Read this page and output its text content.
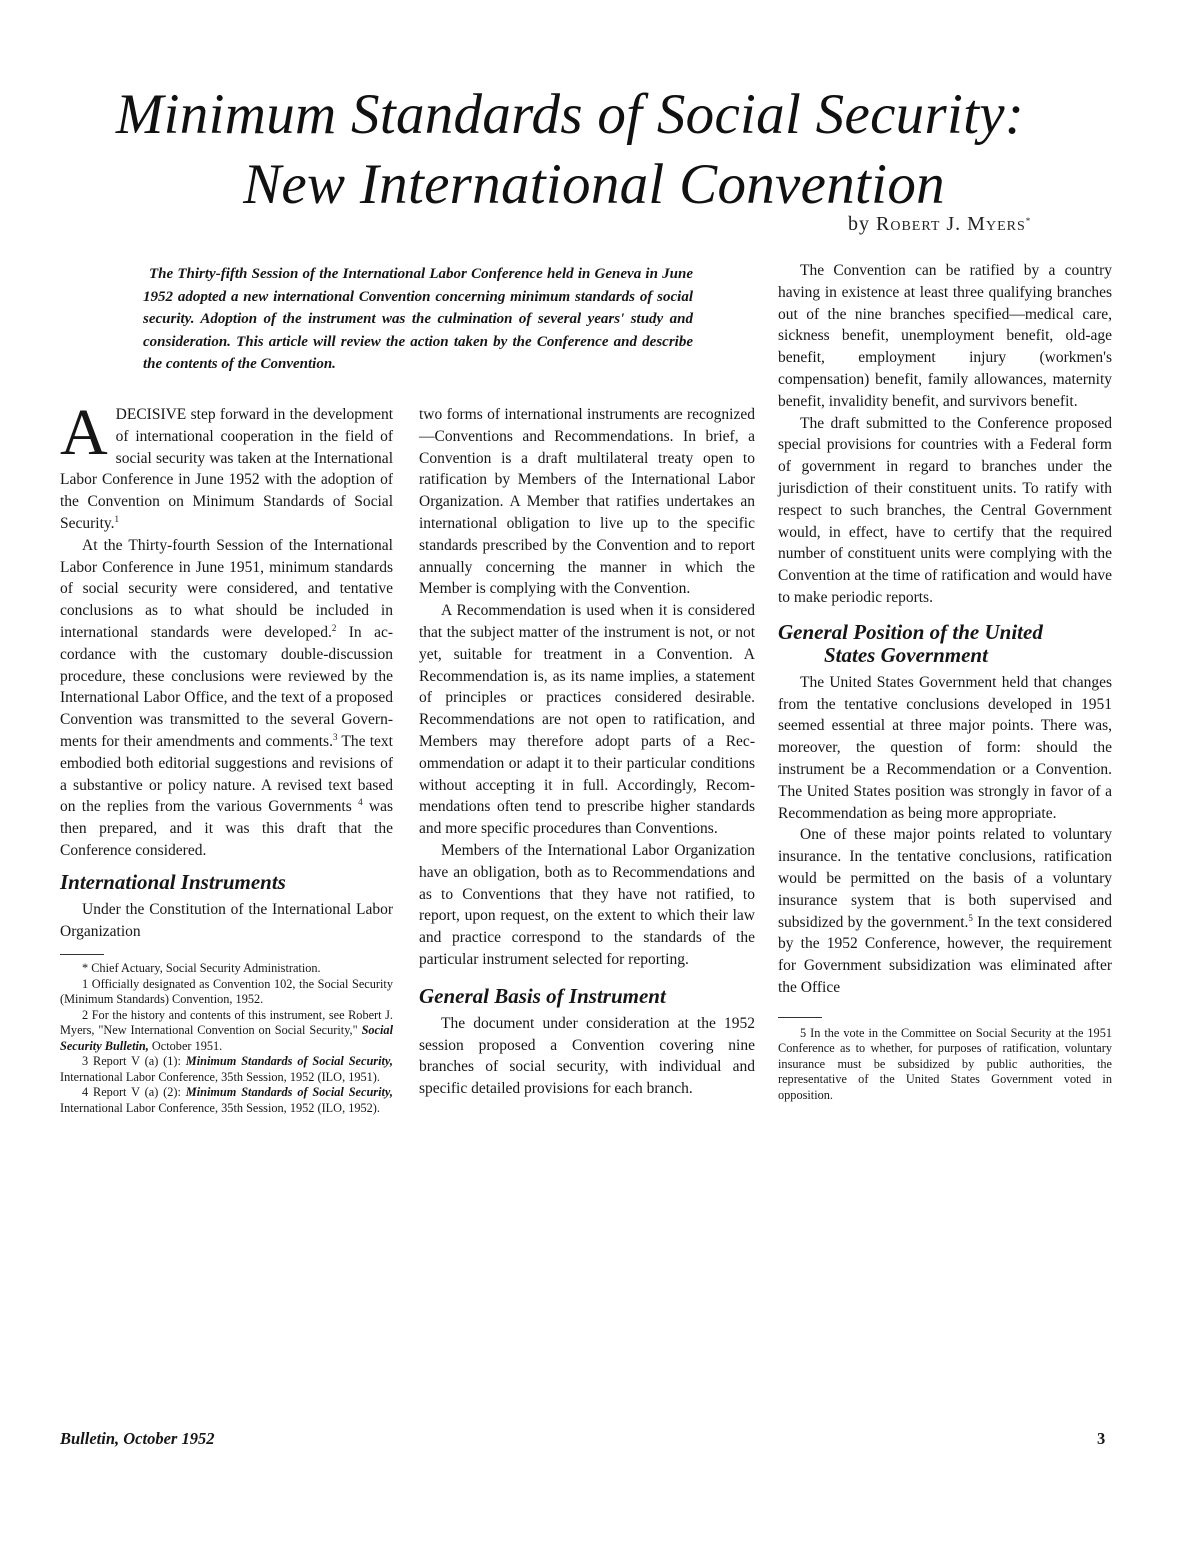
Minimum Standards of Social Security:
New International Convention
by Robert J. Myers*
The Thirty-fifth Session of the International Labor Conference held in Geneva in June 1952 adopted a new international Convention concerning minimum standards of social security. Adoption of the instrument was the culmination of several years' study and consideration. This article will review the action taken by the Conference and describe the contents of the Convention.

ADECISIVE step forward in the development of international cooperation in the field of social security was taken at the International Labor Conference in June 1952 with the adoption of the Convention on Minimum Standards of Social Security.$^1$

At the Thirty-fourth Session of the International Labor Conference in June 1951, minimum standards of social security were considered, and tentative conclusions as to what should be included in international standards were developed.$^2$ In accordance with the customary double-discussion procedure, these conclusions were reviewed by the International Labor Office, and the text of a proposed Convention was transmitted to the several Governments for their amendments and comments.$^3$ The text embodied both editorial suggestions and revisions of a substantive or policy nature. A revised text based on the replies from the various Governments $^4$ was then prepared, and it was this draft that the Conference considered.

International Instruments

Under the Constitution of the International Labor Organization

* Chief Actuary, Social Security Administration.

1 Officially designated as Convention 102, the Social Security (Minimum Standards) Convention, 1952.

2 For the history and contents of this instrument, see Robert J. Myers, "New International Convention on Social Security," Social Security Bulletin, October 1951.

3 Report V (a) (1): Minimum Standards of Social Security, International Labor Conference, 35th Session, 1952 (ILO, 1951).

4 Report V (a) (2): Minimum Standards of Social Security, International Labor Conference, 35th Session, 1952 (ILO, 1952).

two forms of international instruments are recognized—Conventions and Recommendations. In brief, a Convention is a draft multilateral treaty open to ratification by Members of the International Labor Organization. A Member that ratifies undertakes an international obligation to live up to the specific standards prescribed by the Convention and to report annually concerning the manner in which the Member is complying with the Convention.

A Recommendation is used when it is considered that the subject matter of the instrument is not, or not yet, suitable for treatment in a Convention. A Recommendation is, as its name implies, a statement of principles or practices considered desirable. Recommendations are not open to ratification, and Members may therefore adopt parts of a Recommendation or adapt it to their particular conditions without accepting it in full. Accordingly, Recommendations often tend to prescribe higher standards and more specific procedures than Conventions.

Members of the International Labor Organization have an obligation, both as to Recommendations and as to Conventions that they have not ratified, to report, upon request, on the extent to which their law and practice correspond to the standards of the particular instrument selected for reporting.

General Basis of Instrument

The document under consideration at the 1952 session proposed a Convention covering nine branches of social security, with individual and specific detailed provisions for each branch.

The Convention can be ratified by a country having in existence at least three qualifying branches out of the nine branches specified—medical care, sickness benefit, unemployment benefit, old-age benefit, employment injury (workmen's compensation) benefit, family allowances, maternity benefit, invalidity benefit, and survivors benefit.

The draft submitted to the Conference proposed special provisions for countries with a Federal form of government in regard to branches under the jurisdiction of their constituent units. To ratify with respect to such branches, the Central Government would, in effect, have to certify that the required number of constituent units were complying with the Convention at the time of ratification and would have to make periodic reports.

General Position of the United
States Government

The United States Government held that changes from the tentative conclusions developed in 1951 seemed essential at three major points. There was, moreover, the question of form: should the instrument be a Recommendation or a Convention. The United States position was strongly in favor of a Recommendation as being more appropriate.

One of these major points related to voluntary insurance. In the tentative conclusions, ratification would be permitted on the basis of a voluntary insurance system that is both supervised and subsidized by the government.$^5$ In the text considered by the 1952 Conference, however, the requirement for Government subsidization was eliminated after the Office

5 In the vote in the Committee on Social Security at the 1951 Conference as to whether, for purposes of ratification, voluntary insurance must be subsidized by public authorities, the representative of the United States Government voted in opposition.

Bulletin, October 1952	3
